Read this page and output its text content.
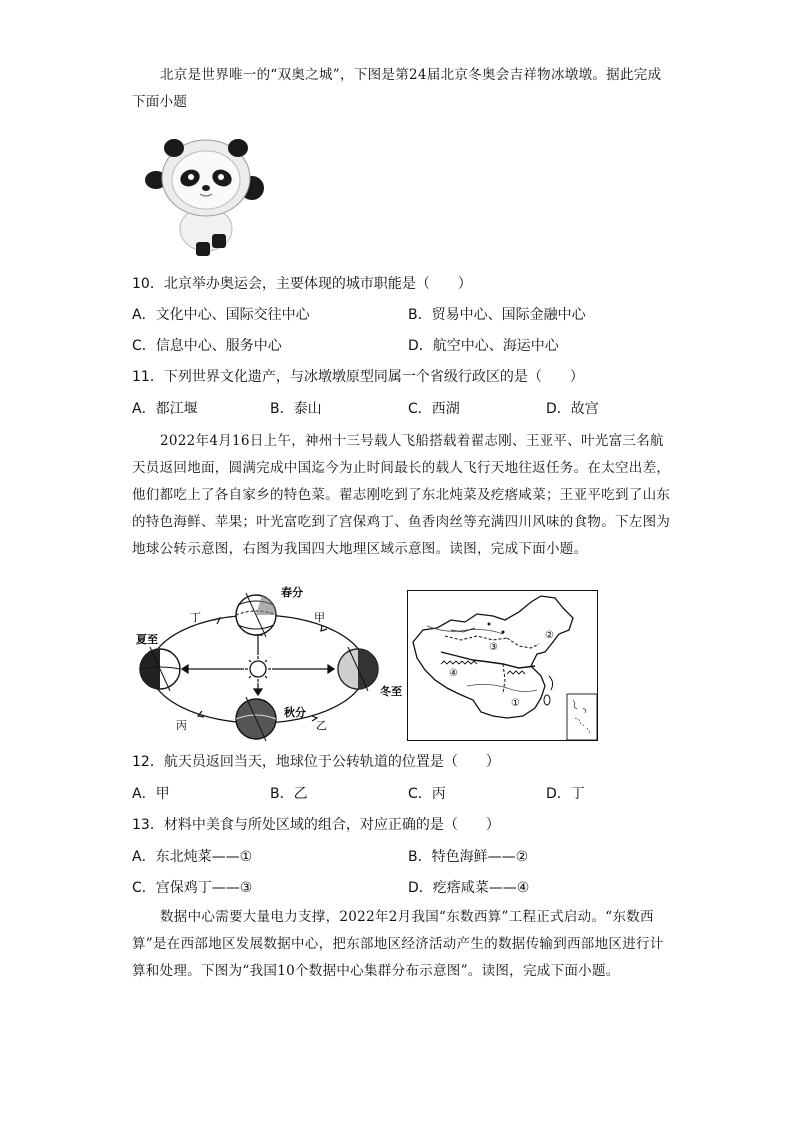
北京是世界唯一的“双奥之城”，下图是第24届北京冬奥会吉祥物冰墩墩。据此完成下面小题
10．北京举办奥运会，主要体现的城市职能是（　　）
A．文化中心、国际交往中心	B．贸易中心、国际金融中心
C．信息中心、服务中心	D．航空中心、海运中心
11．下列世界文化遗产，与冰墩墩原型同属一个省级行政区的是（　　）
A．都江堰	B．泰山	C．西湖	D．故宫
2022年4月16日上午，神州十三号载人飞船搭载着翟志刚、王亚平、叶光富三名航天员返回地面，圆满完成中国迄今为止时间最长的载人飞行天地往返任务。在太空出差，他们都吃上了各自家乡的特色菜。翟志刚吃到了东北炖菜及疙瘩咸菜；王亚平吃到了山东的特色海鲜、苹果；叶光富吃到了宫保鸡丁、鱼香肉丝等充满四川风味的食物。下左图为地球公转示意图，右图为我国四大地理区域示意图。读图，完成下面小题。
春分
夏至
秋分
冬至
甲
乙
丙
丁
①
②
③
④
12．航天员返回当天，地球位于公转轨道的位置是（　　）
A．甲	B．乙	C．丙	D．丁
13．材料中美食与所处区域的组合，对应正确的是（　　）
A．东北炖菜——①	B．特色海鲜——②
C．宫保鸡丁——③	D．疙瘩咸菜——④
数据中心需要大量电力支撑，2022年2月我国“东数西算”工程正式启动。“东数西算”是在西部地区发展数据中心，把东部地区经济活动产生的数据传输到西部地区进行计算和处理。下图为“我国10个数据中心集群分布示意图”。读图，完成下面小题。
